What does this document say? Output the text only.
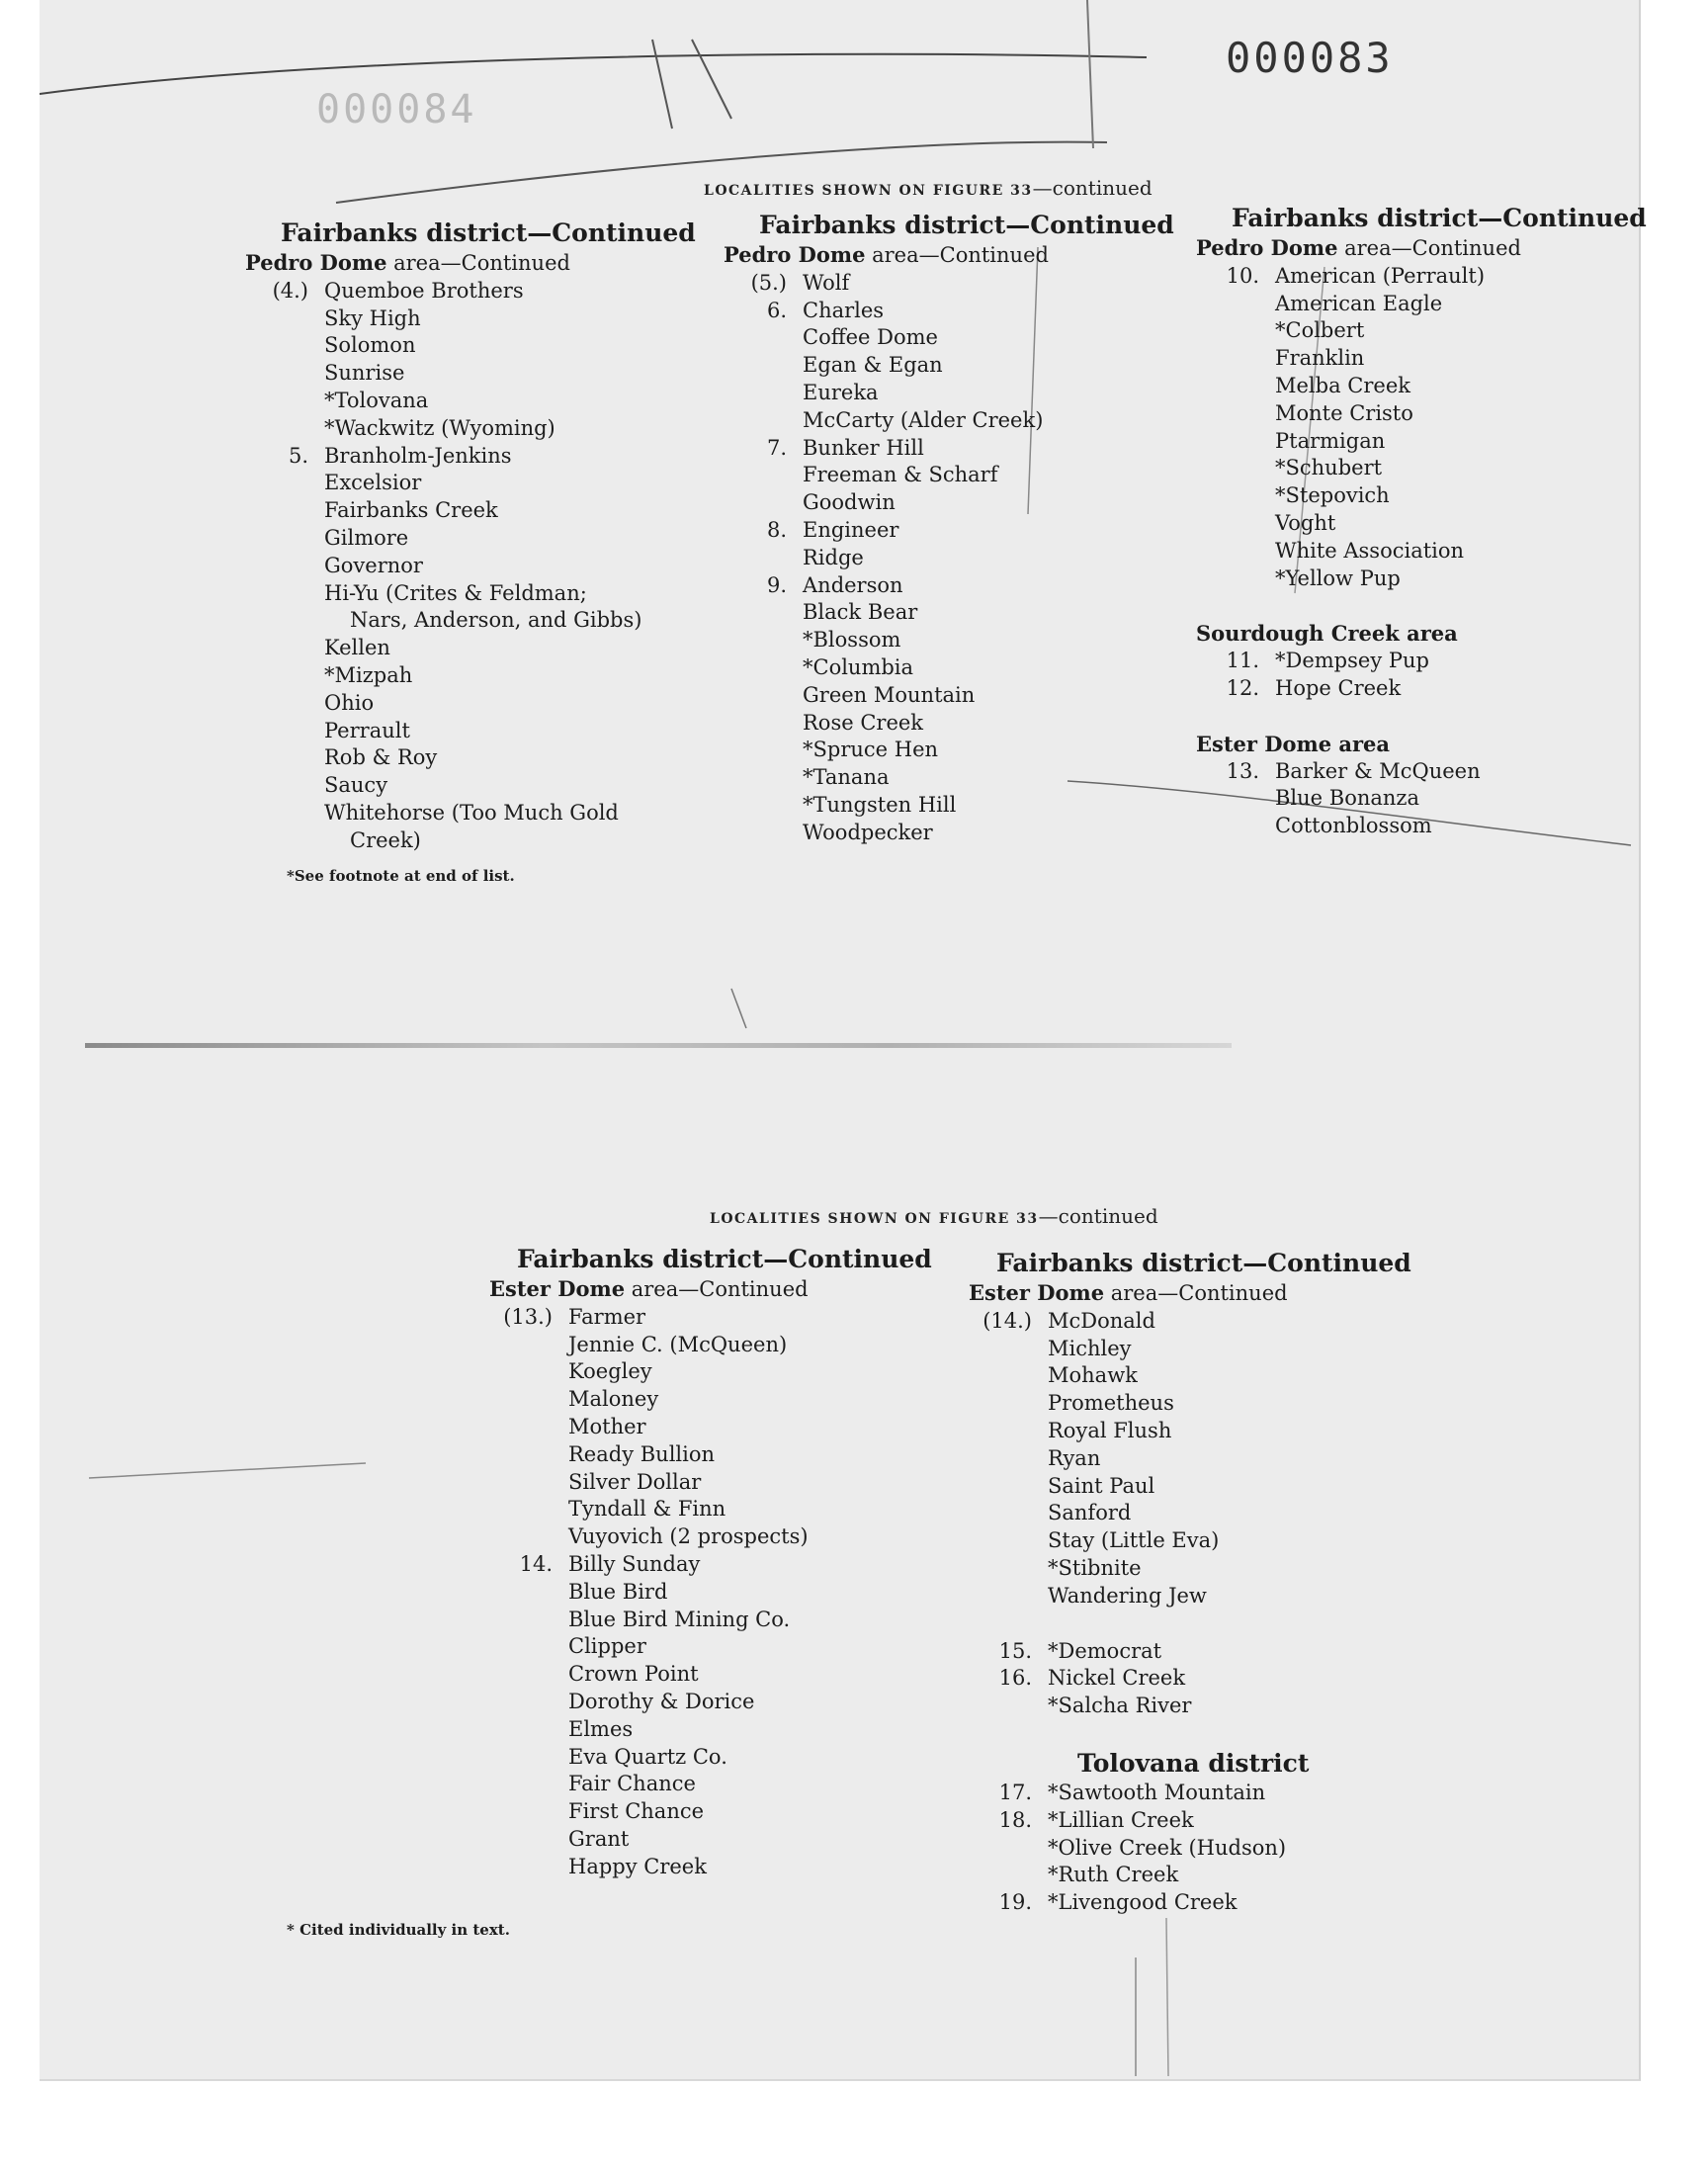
000084
000083
LOCALITIES SHOWN ON FIGURE 33—continued
Fairbanks district—Continued
Pedro Dome area—Continued
(4.) Quemboe Brothers
Sky High
Solomon
Sunrise
*Tolovana
*Wackwitz (Wyoming)
5. Branholm-Jenkins
Excelsior
Fairbanks Creek
Gilmore
Governor
Hi-Yu (Crites & Feldman;
Nars, Anderson, and Gibbs)
Kellen
*Mizpah
Ohio
Perrault
Rob & Roy
Saucy
Whitehorse (Too Much Gold
Creek)
*See footnote at end of list.
Fairbanks district—Continued
Pedro Dome area—Continued
(5.) Wolf
6. Charles
Coffee Dome
Egan & Egan
Eureka
McCarty (Alder Creek)
7. Bunker Hill
Freeman & Scharf
Goodwin
8. Engineer
Ridge
9. Anderson
Black Bear
*Blossom
*Columbia
Green Mountain
Rose Creek
*Spruce Hen
*Tanana
*Tungsten Hill
Woodpecker
Fairbanks district—Continued
Pedro Dome area—Continued
10. American (Perrault)
American Eagle
*Colbert
Franklin
Melba Creek
Monte Cristo
Ptarmigan
*Schubert
*Stepovich
Voght
White Association
*Yellow Pup
Sourdough Creek area
11. *Dempsey Pup
12. Hope Creek
Ester Dome area
13. Barker & McQueen
Blue Bonanza
Cottonblossom
LOCALITIES SHOWN ON FIGURE 33—continued
Fairbanks district—Continued
Ester Dome area—Continued
(13.) Farmer
Jennie C. (McQueen)
Koegley
Maloney
Mother
Ready Bullion
Silver Dollar
Tyndall & Finn
Vuyovich (2 prospects)
14. Billy Sunday
Blue Bird
Blue Bird Mining Co.
Clipper
Crown Point
Dorothy & Dorice
Elmes
Eva Quartz Co.
Fair Chance
First Chance
Grant
Happy Creek
* Cited individually in text.
Fairbanks district—Continued
Ester Dome area—Continued
(14.) McDonald
Michley
Mohawk
Prometheus
Royal Flush
Ryan
Saint Paul
Sanford
Stay (Little Eva)
*Stibnite
Wandering Jew
15. *Democrat
16. Nickel Creek
*Salcha River
Tolovana district
17. *Sawtooth Mountain
18. *Lillian Creek
*Olive Creek (Hudson)
*Ruth Creek
19. *Livengood Creek
